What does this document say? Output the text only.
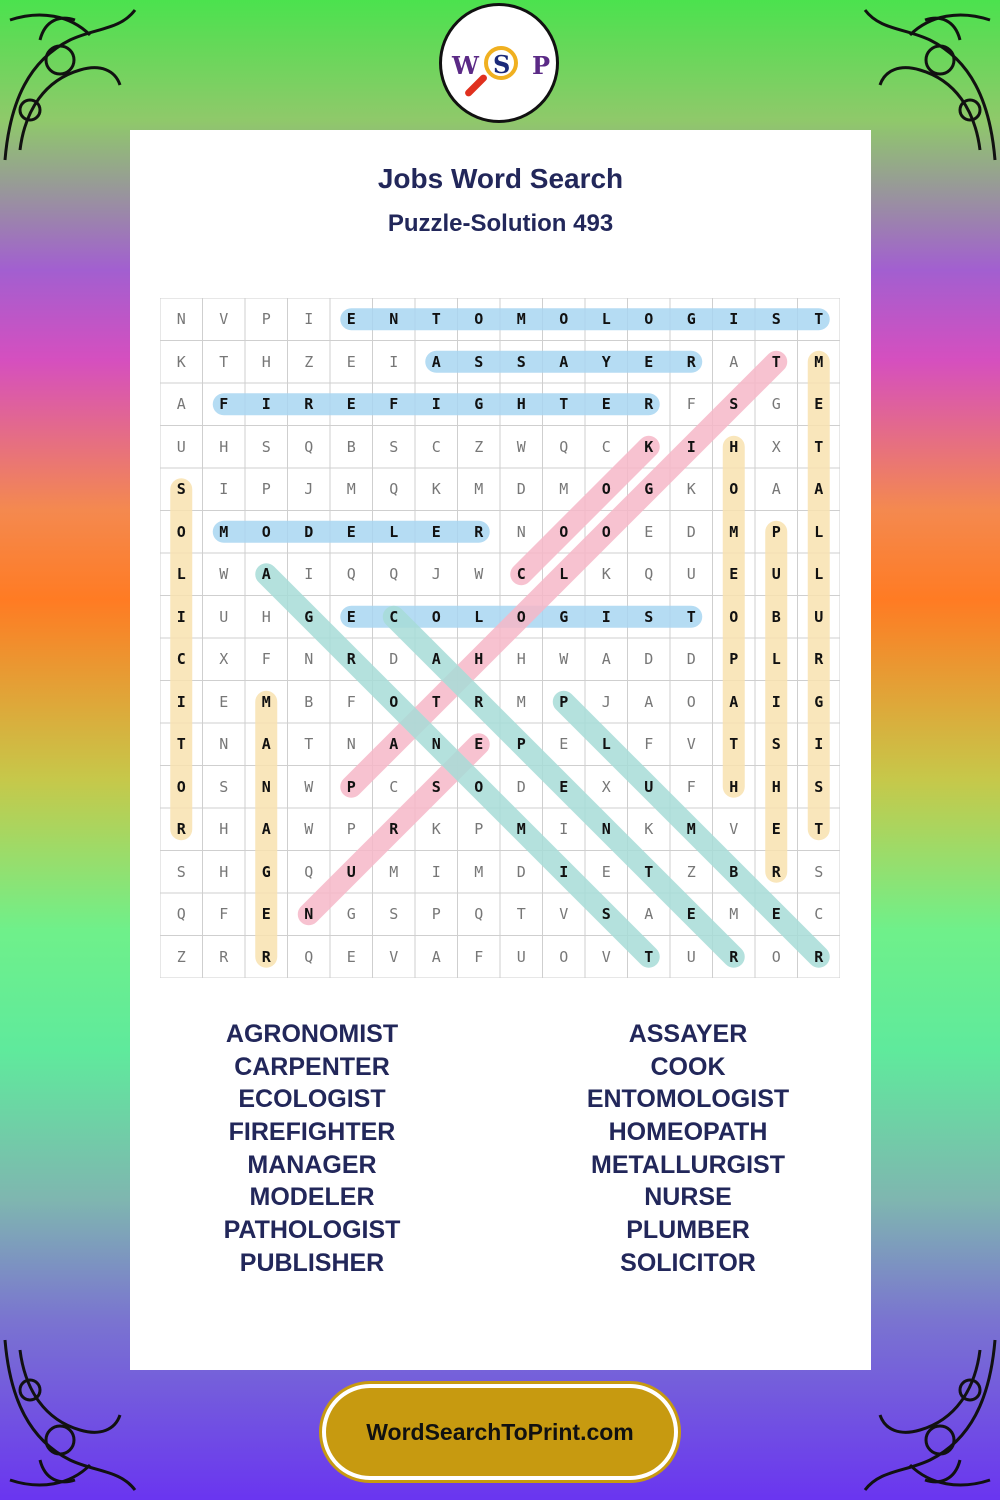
W S P
Jobs Word Search
Puzzle-Solution 493
N	V	P	I	E	N	T	O	M	O	L	O	G	I	S	T
K	T	H	Z	E	I	A	S	S	A	Y	E	R	A	T	M
A	F	I	R	E	F	I	G	H	T	E	R	F	S	G	E
U	H	S	Q	B	S	C	Z	W	Q	C	K	I	H	X	T
S	I	P	J	M	Q	K	M	D	M	O	G	K	O	A	A
O	M	O	D	E	L	E	R	N	O	O	E	D	M	P	L
L	W	A	I	Q	Q	J	W	C	L	K	Q	U	E	U	L
I	U	H	G	E	C	O	L	O	G	I	S	T	O	B	U
C	X	F	N	R	D	A	H	H	W	A	D	D	P	L	R
I	E	M	B	F	O	T	R	M	P	J	A	O	A	I	G
T	N	A	T	N	A	N	E	P	E	L	F	V	T	S	I
O	S	N	W	P	C	S	O	D	E	X	U	F	H	H	S
R	H	A	W	P	R	K	P	M	I	N	K	M	V	E	T
S	H	G	Q	U	M	I	M	D	I	E	T	Z	B	R	S
Q	F	E	N	G	S	P	Q	T	V	S	A	E	M	E	C
Z	R	R	Q	E	V	A	F	U	O	V	T	U	R	O	R
AGRONOMIST
CARPENTER
ECOLOGIST
FIREFIGHTER
MANAGER
MODELER
PATHOLOGIST
PUBLISHER
ASSAYER
COOK
ENTOMOLOGIST
HOMEOPATH
METALLURGIST
NURSE
PLUMBER
SOLICITOR
WordSearchToPrint.com
